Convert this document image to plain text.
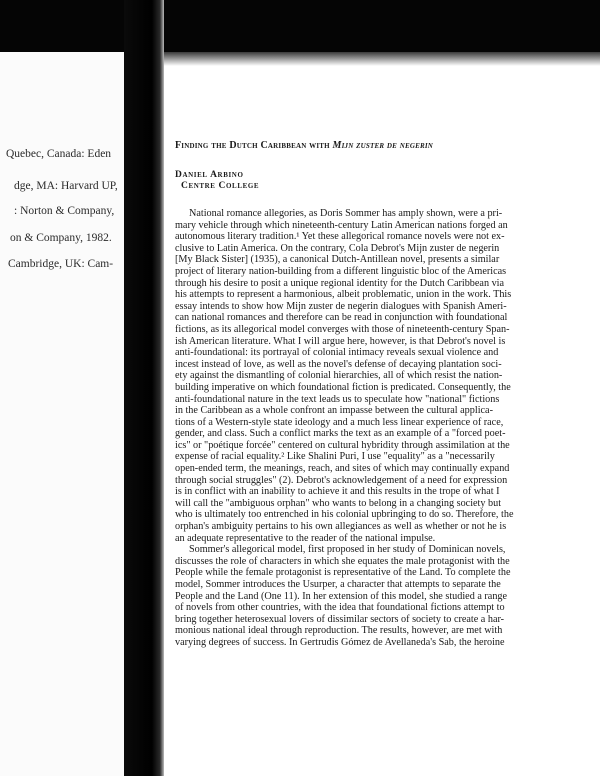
Quebec, Canada: Eden
dge, MA: Harvard UP,
: Norton & Company,
on & Company, 1982.
Cambridge, UK: Cam-
Finding the Dutch Caribbean with Mijn zuster de negerin
Daniel Arbino
Centre College
National romance allegories, as Doris Sommer has amply shown, were a pri-
mary vehicle through which nineteenth-century Latin American nations forged an
autonomous literary tradition.¹ Yet these allegorical romance novels were not ex-
clusive to Latin America. On the contrary, Cola Debrot's Mijn zuster de negerin
[My Black Sister] (1935), a canonical Dutch-Antillean novel, presents a similar
project of literary nation-building from a different linguistic bloc of the Americas
through his desire to posit a unique regional identity for the Dutch Caribbean via
his attempts to represent a harmonious, albeit problematic, union in the work. This
essay intends to show how Mijn zuster de negerin dialogues with Spanish Ameri-
can national romances and therefore can be read in conjunction with foundational
fictions, as its allegorical model converges with those of nineteenth-century Span-
ish American literature. What I will argue here, however, is that Debrot's novel is
anti-foundational: its portrayal of colonial intimacy reveals sexual violence and
incest instead of love, as well as the novel's defense of decaying plantation soci-
ety against the dismantling of colonial hierarchies, all of which resist the nation-
building imperative on which foundational fiction is predicated. Consequently, the
anti-foundational nature in the text leads us to speculate how "national" fictions
in the Caribbean as a whole confront an impasse between the cultural applica-
tions of a Western-style state ideology and a much less linear experience of race,
gender, and class. Such a conflict marks the text as an example of a "forced poet-
ics" or "poétique forcée" centered on cultural hybridity through assimilation at the
expense of racial equality.² Like Shalini Puri, I use "equality" as a "necessarily
open-ended term, the meanings, reach, and sites of which may continually expand
through social struggles" (2). Debrot's acknowledgement of a need for expression
is in conflict with an inability to achieve it and this results in the trope of what I
will call the "ambiguous orphan" who wants to belong in a changing society but
who is ultimately too entrenched in his colonial upbringing to do so. Therefore, the
orphan's ambiguity pertains to his own allegiances as well as whether or not he is
an adequate representative to the reader of the national impulse.
Sommer's allegorical model, first proposed in her study of Dominican novels,
discusses the role of characters in which she equates the male protagonist with the
People while the female protagonist is representative of the Land. To complete the
model, Sommer introduces the Usurper, a character that attempts to separate the
People and the Land (One 11). In her extension of this model, she studied a range
of novels from other countries, with the idea that foundational fictions attempt to
bring together heterosexual lovers of dissimilar sectors of society to create a har-
monious national ideal through reproduction. The results, however, are met with
varying degrees of success. In Gertrudis Gómez de Avellaneda's Sab, the heroine
